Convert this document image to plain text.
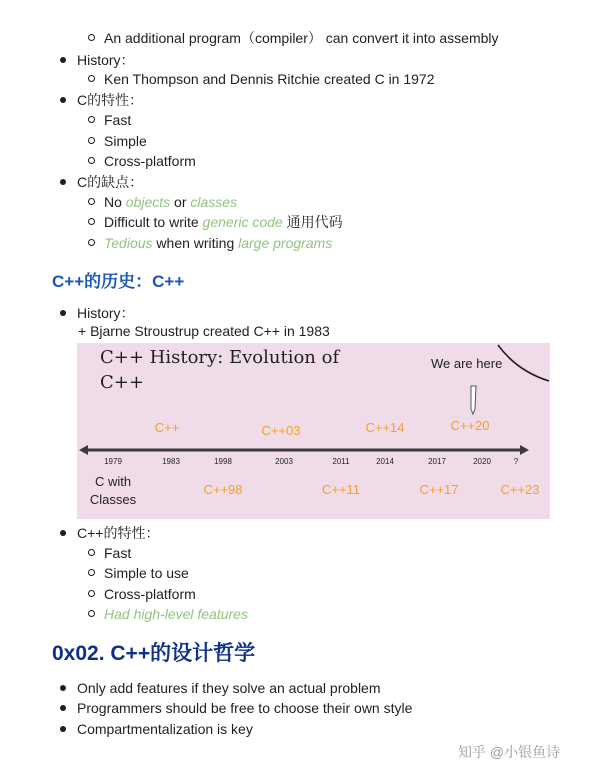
An additional program（compiler） can convert it into assembly
History：
Ken Thompson and Dennis Ritchie created C in 1972
C的特性：
Fast
Simple
Cross-platform
C的缺点：
No objects or classes
Difficult to write generic code 通用代码
Tedious when writing large programs
C++的历史：C++
History：
+ Bjarne Stroustrup created C++ in 1983
C++ History: Evolution of C++
We are here
C++	C++03	C++14	C++20
1979	1983	1998	2003	2011	2014	2017	2020	?
C with Classes
C++98	C++11	C++17	C++23
C++的特性：
Fast
Simple to use
Cross-platform
Had high-level features
0x02. C++的设计哲学
Only add features if they solve an actual problem
Programmers should be free to choose their own style
Compartmentalization is key
知乎 @小银鱼诗
